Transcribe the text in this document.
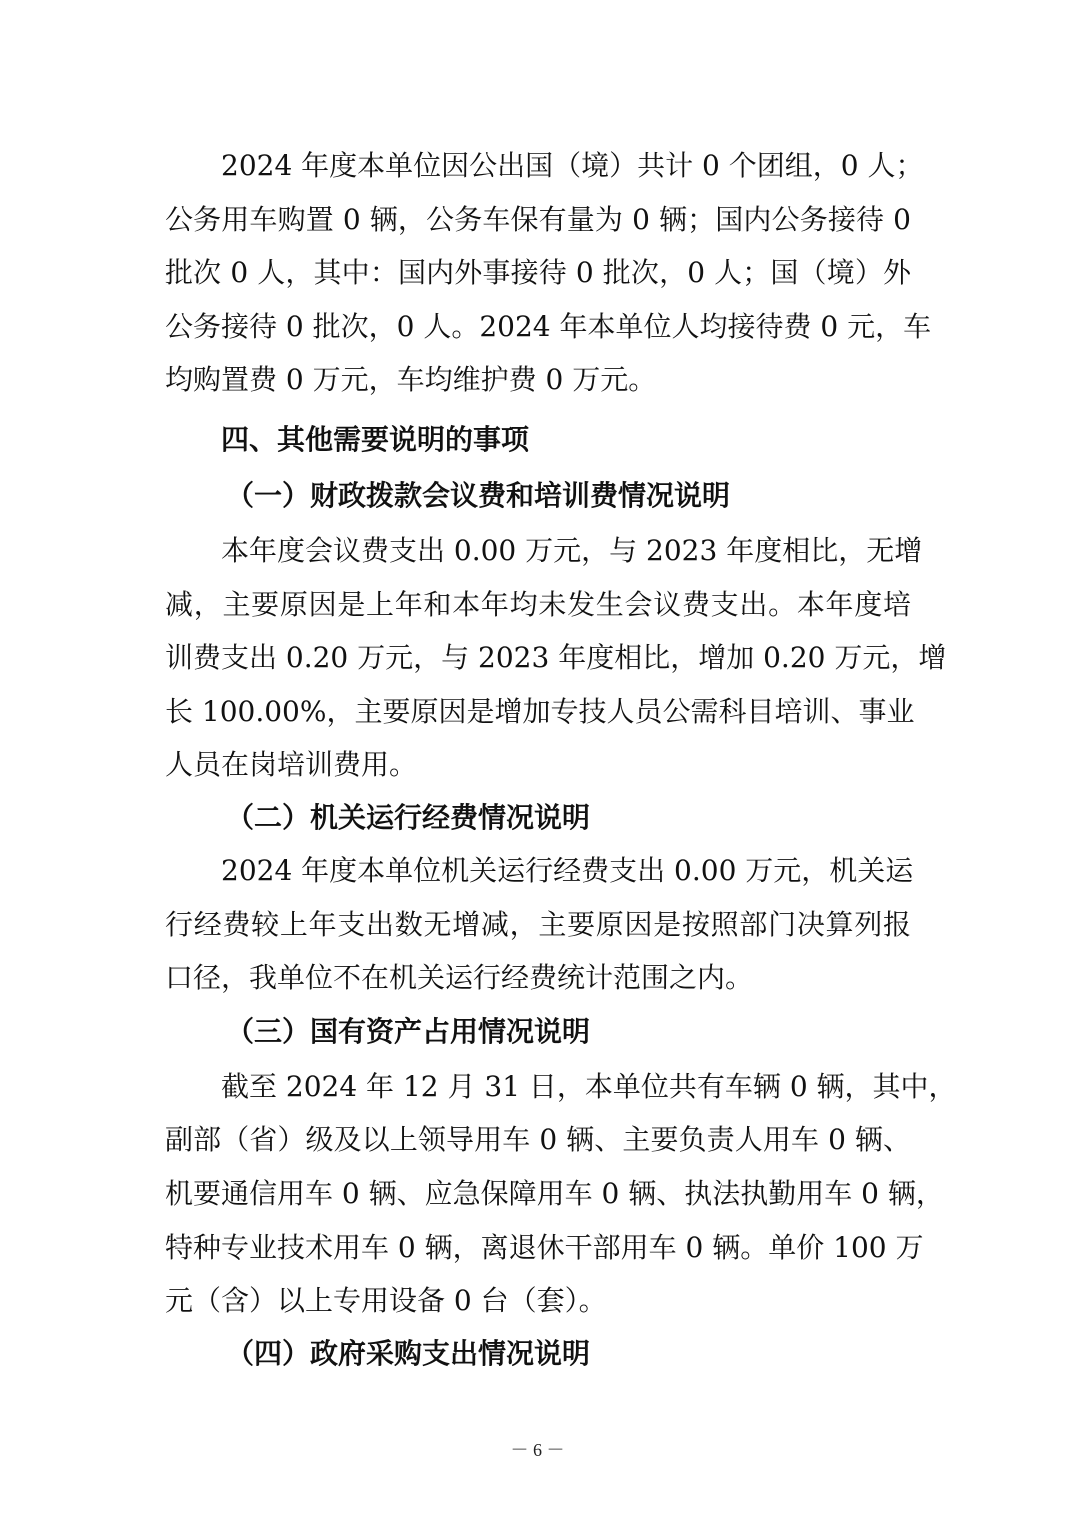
2024 年度本单位因公出国（境）共计 0 个团组，0 人；
公务用车购置 0 辆，公务车保有量为 0 辆；国内公务接待 0
批次 0 人，其中：国内外事接待 0 批次，0 人；国（境）外
公务接待 0 批次，0 人。2024 年本单位人均接待费 0 元，车
均购置费 0 万元，车均维护费 0 万元。
四、其他需要说明的事项
（一）财政拨款会议费和培训费情况说明
本年度会议费支出 0.00 万元，与 2023 年度相比，无增
减，主要原因是上年和本年均未发生会议费支出。本年度培
训费支出 0.20 万元，与 2023 年度相比，增加 0.20 万元，增
长 100.00%，主要原因是增加专技人员公需科目培训、事业
人员在岗培训费用。
（二）机关运行经费情况说明
2024 年度本单位机关运行经费支出 0.00 万元，机关运
行经费较上年支出数无增减，主要原因是按照部门决算列报
口径，我单位不在机关运行经费统计范围之内。
（三）国有资产占用情况说明
截至 2024 年 12 月 31 日，本单位共有车辆 0 辆，其中，
副部（省）级及以上领导用车 0 辆、主要负责人用车 0 辆、
机要通信用车 0 辆、应急保障用车 0 辆、执法执勤用车 0 辆，
特种专业技术用车 0 辆，离退休干部用车 0 辆。单价 100 万
元（含）以上专用设备 0 台（套）。
（四）政府采购支出情况说明
－ 6 －
